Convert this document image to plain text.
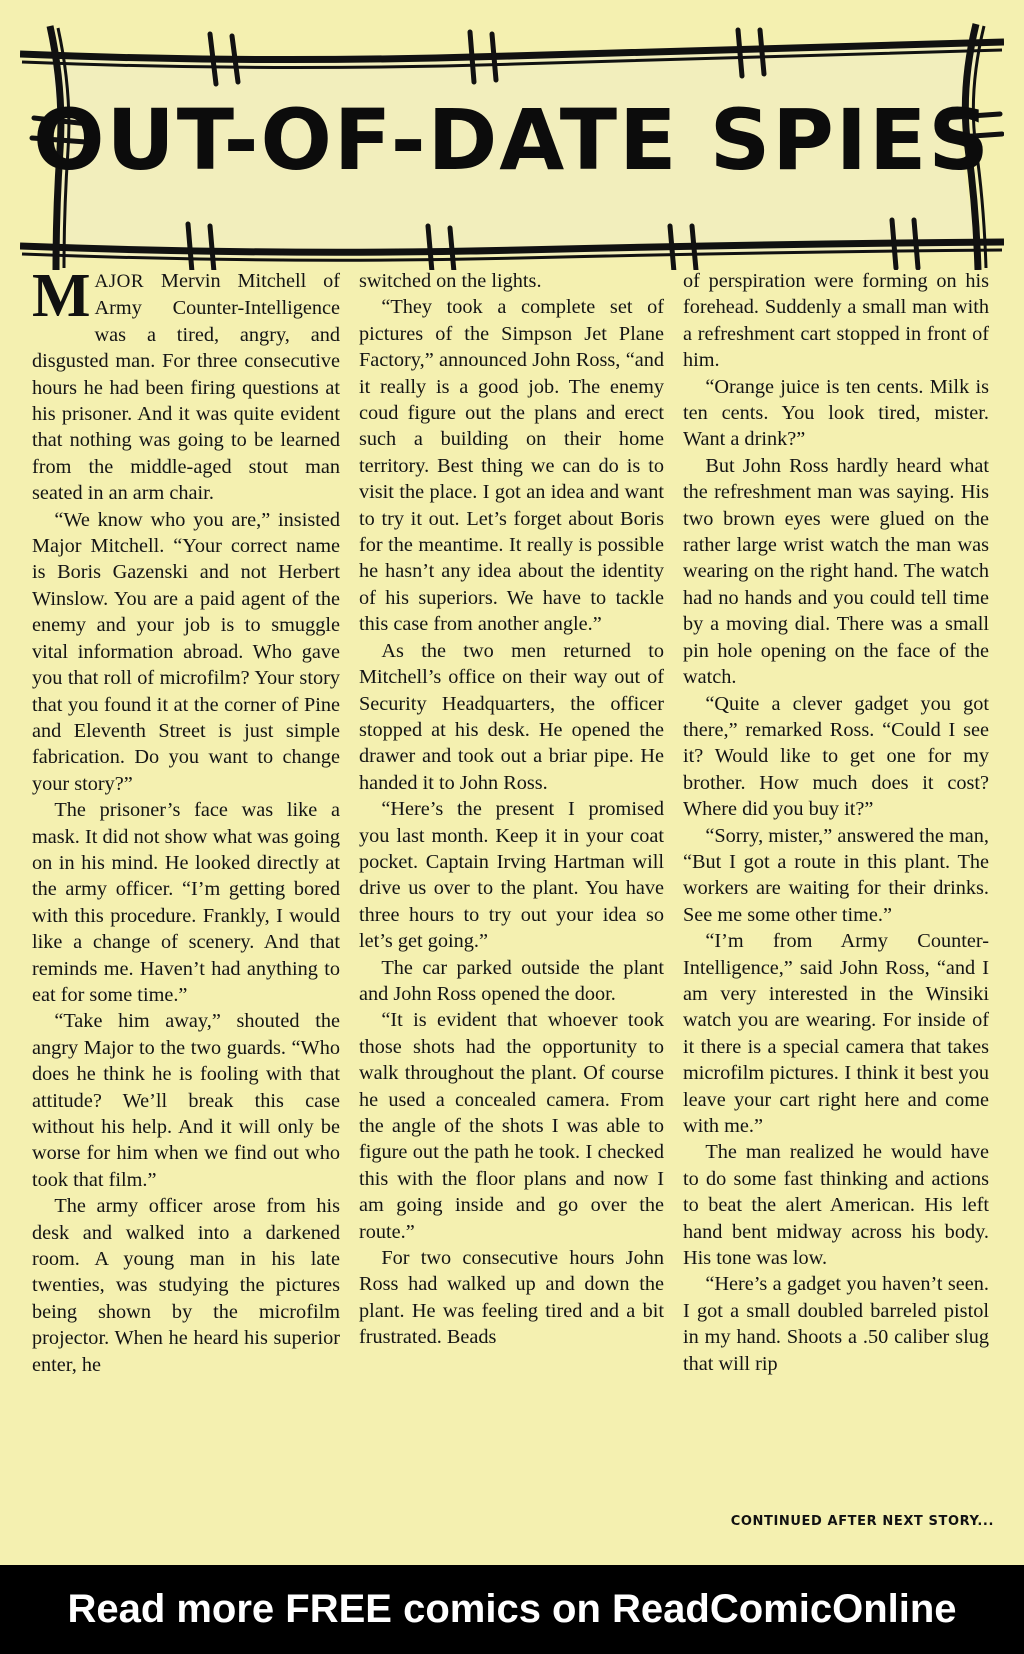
OUT-OF-DATE SPIES

MAJOR Mervin Mitchell of Army Counter-Intelligence was a tired, angry, and disgusted man. For three consecutive hours he had been firing questions at his prisoner. And it was quite evident that nothing was going to be learned from the middle-aged stout man seated in an arm chair.

“We know who you are,” insisted Major Mitchell. “Your correct name is Boris Gazenski and not Herbert Winslow. You are a paid agent of the enemy and your job is to smuggle vital information abroad. Who gave you that roll of microfilm? Your story that you found it at the corner of Pine and Eleventh Street is just simple fabrication. Do you want to change your story?”

The prisoner’s face was like a mask. It did not show what was going on in his mind. He looked directly at the army officer. “I’m getting bored with this procedure. Frankly, I would like a change of scenery. And that reminds me. Haven’t had anything to eat for some time.”

“Take him away,” shouted the angry Major to the two guards. “Who does he think he is fooling with that attitude? We’ll break this case without his help. And it will only be worse for him when we find out who took that film.”

The army officer arose from his desk and walked into a darkened room. A young man in his late twenties, was studying the pictures being shown by the microfilm projector. When he heard his superior enter, he

switched on the lights.

“They took a complete set of pictures of the Simpson Jet Plane Factory,” announced John Ross, “and it really is a good job. The enemy coud figure out the plans and erect such a building on their home territory. Best thing we can do is to visit the place. I got an idea and want to try it out. Let’s forget about Boris for the meantime. It really is possible he hasn’t any idea about the identity of his superiors. We have to tackle this case from another angle.”

As the two men returned to Mitchell’s office on their way out of Security Headquarters, the officer stopped at his desk. He opened the drawer and took out a briar pipe. He handed it to John Ross.

“Here’s the present I promised you last month. Keep it in your coat pocket. Captain Irving Hartman will drive us over to the plant. You have three hours to try out your idea so let’s get going.”

The car parked outside the plant and John Ross opened the door.

“It is evident that whoever took those shots had the opportunity to walk throughout the plant. Of course he used a concealed camera. From the angle of the shots I was able to figure out the path he took. I checked this with the floor plans and now I am going inside and go over the route.”

For two consecutive hours John Ross had walked up and down the plant. He was feeling tired and a bit frustrated. Beads

of perspiration were forming on his forehead. Suddenly a small man with a refreshment cart stopped in front of him.

“Orange juice is ten cents. Milk is ten cents. You look tired, mister. Want a drink?”

But John Ross hardly heard what the refreshment man was saying. His two brown eyes were glued on the rather large wrist watch the man was wearing on the right hand. The watch had no hands and you could tell time by a moving dial. There was a small pin hole opening on the face of the watch.

“Quite a clever gadget you got there,” remarked Ross. “Could I see it? Would like to get one for my brother. How much does it cost? Where did you buy it?”

“Sorry, mister,” answered the man, “But I got a route in this plant. The workers are waiting for their drinks. See me some other time.”

“I’m from Army Counter-Intelligence,” said John Ross, “and I am very interested in the Winsiki watch you are wearing. For inside of it there is a special camera that takes microfilm pictures. I think it best you leave your cart right here and come with me.”

The man realized he would have to do some fast thinking and actions to beat the alert American. His left hand bent midway across his body. His tone was low.

“Here’s a gadget you haven’t seen. I got a small doubled barreled pistol in my hand. Shoots a .50 caliber slug that will rip

CONTINUED AFTER NEXT STORY...
Read more FREE comics on ReadComicOnline
